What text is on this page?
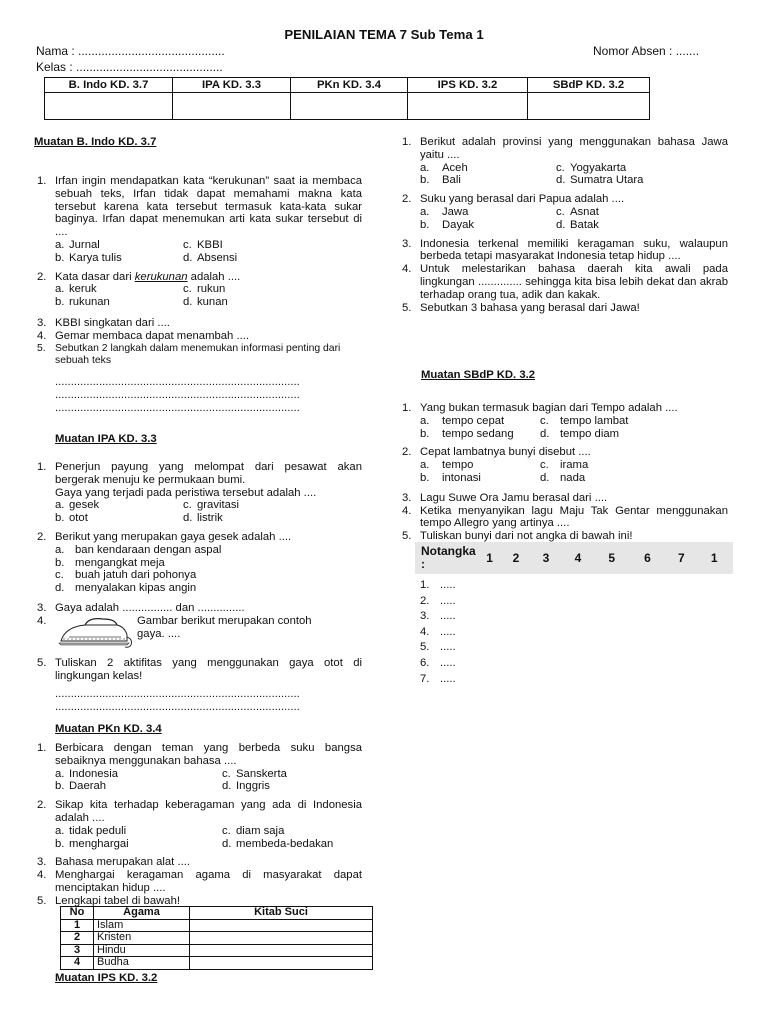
PENILAIAN TEMA 7 Sub Tema 1
Nama : ............................................
Kelas : ............................................
Nomor Absen : .......
B. Indo KD. 3.7	IPA KD. 3.3	PKn KD. 3.4	IPS KD. 3.2	SBdP KD. 3.2

Muatan B. Indo KD. 3.7
1. Irfan ingin mendapatkan kata “kerukunan” saat ia membaca sebuah teks, Irfan tidak dapat memahami makna kata tersebut karena kata tersebut termasuk kata-kata sukar baginya. Irfan dapat menemukan arti kata sukar tersebut di ....
a. Jurnal	c. KBBI
b. Karya tulis	d. Absensi
2. Kata dasar dari kerukunan adalah ....
a. keruk	c. rukun
b. rukunan	d. kunan
3. KBBI singkatan dari ....
4. Gemar membaca dapat menambah ....
5. Sebutkan 2 langkah dalam menemukan informasi penting dari sebuah teks
..............................................................................
..............................................................................
..............................................................................
Muatan IPA KD. 3.3
1. Penerjun payung yang melompat dari pesawat akan bergerak menuju ke permukaan bumi.
Gaya yang terjadi pada peristiwa tersebut adalah ....
a. gesek	c. gravitasi
b. otot	d. listrik
2. Berikut yang merupakan gaya gesek adalah ....
a. ban kendaraan dengan aspal
b. mengangkat meja
c. buah jatuh dari pohonya
d. menyalakan kipas angin
3. Gaya adalah ................ dan ...............
4.	Gambar berikut merupakan contoh
gaya. ....
5. Tuliskan 2 aktifitas yang menggunakan gaya otot di lingkungan kelas!
..............................................................................
..............................................................................
Muatan PKn KD. 3.4
1. Berbicara dengan teman yang berbeda suku bangsa sebaiknya menggunakan bahasa ....
a. Indonesia	c. Sanskerta
b. Daerah	d. Inggris
2. Sikap kita terhadap keberagaman yang ada di Indonesia adalah ....
a. tidak peduli	c. diam saja
b. menghargai	d. membeda-bedakan
3. Bahasa merupakan alat ....
4. Menghargai keragaman agama di masyarakat dapat menciptakan hidup ....
5. Lengkapi tabel di bawah!
No	Agama	Kitab Suci
1	Islam	
2	Kristen	
3	Hindu	
4	Budha	
Muatan IPS KD. 3.2
1. Berikut adalah provinsi yang menggunakan bahasa Jawa yaitu ....
a.	Aceh	c. Yogyakarta
b.	Bali	d. Sumatra Utara
2. Suku yang berasal dari Papua adalah ....
a.	Jawa	c. Asnat
b.	Dayak	d. Batak
3. Indonesia terkenal memiliki keragaman suku, walaupun berbeda tetapi masyarakat Indonesia tetap hidup ....
4. Untuk melestarikan bahasa daerah kita awali pada lingkungan .............. sehingga kita bisa lebih dekat dan akrab terhadap orang tua, adik dan kakak.
5. Sebutkan 3 bahasa yang berasal dari Jawa!
Muatan SBdP KD. 3.2
1. Yang bukan termasuk bagian dari Tempo adalah ....
a.	tempo cepat	c. tempo lambat
b.	tempo sedang	d. tempo diam
2. Cepat lambatnya bunyi disebut ....
a.	tempo	c. irama
b.	intonasi	d. nada
3. Lagu Suwe Ora Jamu berasal dari ....
4. Ketika menyanyikan lagu Maju Tak Gentar menggunakan tempo Allegro yang artinya ....
5. Tuliskan bunyi dari not angka di bawah ini!
Notangka :	1	2	3	4	5	6	7	1
1. .....
2. .....
3. .....
4. .....
5. .....
6. .....
7. .....
